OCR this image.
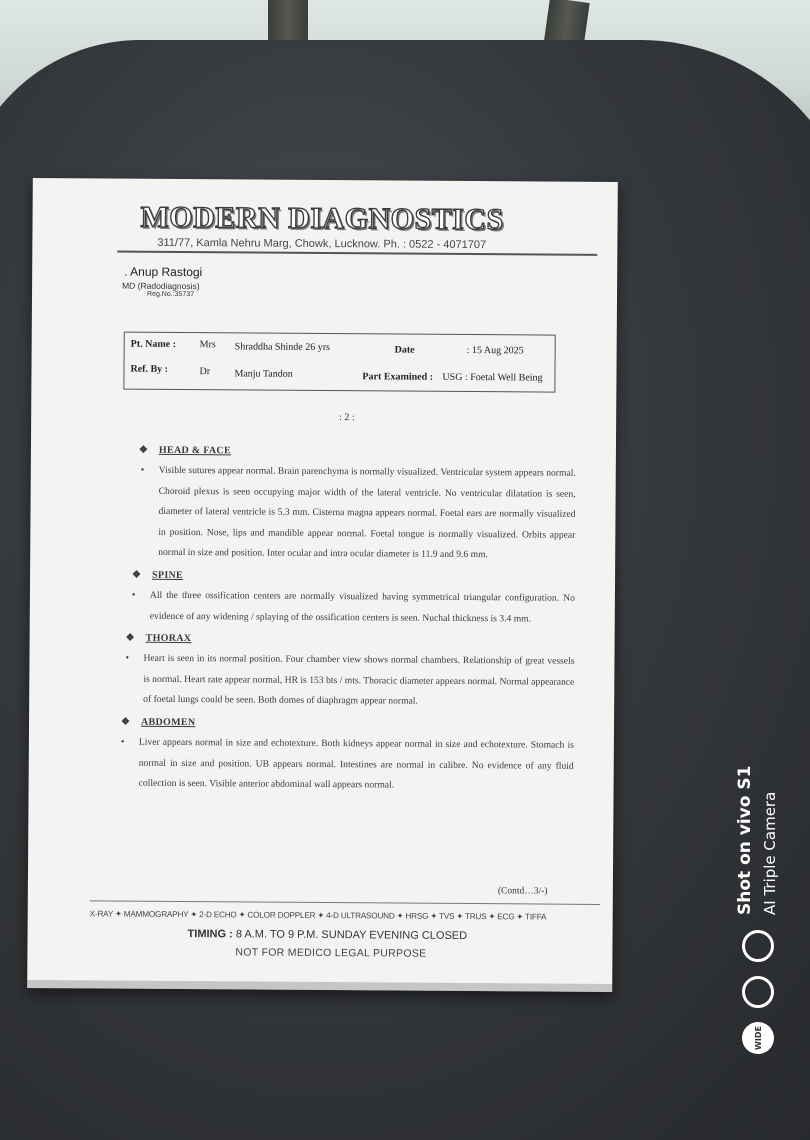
MODERN DIAGNOSTICS
311/77, Kamla Nehru Marg, Chowk, Lucknow. Ph. : 0522 - 4071707
. Anup Rastogi
MD (Radodiagnosis)
Reg.No.:35737
Pt. Name : Mrs Shraddha Shinde 26 yrs	Date	: 15 Aug 2025
Ref. By :	Dr Manju Tandon	Part Examined : USG : Foetal Well Being
: 2 :
❖ HEAD & FACE
• Visible sutures appear normal. Brain parenchyma is normally visualized. Ventricular system appears normal. Choroid plexus is seen occupying major width of the lateral ventricle. No ventricular dilatation is seen, diameter of lateral ventricle is 5.3 mm. Cisterna magna appears normal. Foetal ears are normally visualized in position. Nose, lips and mandible appear normal. Foetal tongue is normally visualized. Orbits appear normal in size and position. Inter ocular and intra ocular diameter is 11.9 and 9.6 mm.
❖ SPINE
• All the three ossification centers are normally visualized having symmetrical triangular configuration. No evidence of any widening / splaying of the ossification centers is seen. Nuchal thickness is 3.4 mm.
❖ THORAX
• Heart is seen in its normal position. Four chamber view shows normal chambers. Relationship of great vessels is normal. Heart rate appear normal, HR is 153 bts / mts. Thoracic diameter appears normal. Normal appearance of foetal lungs could be seen. Both domes of diaphragm appear normal.
❖ ABDOMEN
• Liver appears normal in size and echotexture. Both kidneys appear normal in size and echotexture. Stomach is normal in size and position. UB appears normal. Intestines are normal in calibre. No evidence of any fluid collection is seen. Visible anterior abdominal wall appears normal.
(Contd…3/-)
X-RAY ✦ MAMMOGRAPHY ✦ 2-D ECHO ✦ COLOR DOPPLER ✦ 4-D ULTRASOUND ✦ HRSG ✦ TVS ✦ TRUS ✦ ECG ✦ TIFFA
TIMING : 8 A.M. TO 9 P.M. SUNDAY EVENING CLOSED
NOT FOR MEDICO LEGAL PURPOSE
Shot on vivo S1 AI Triple Camera
WIDE
